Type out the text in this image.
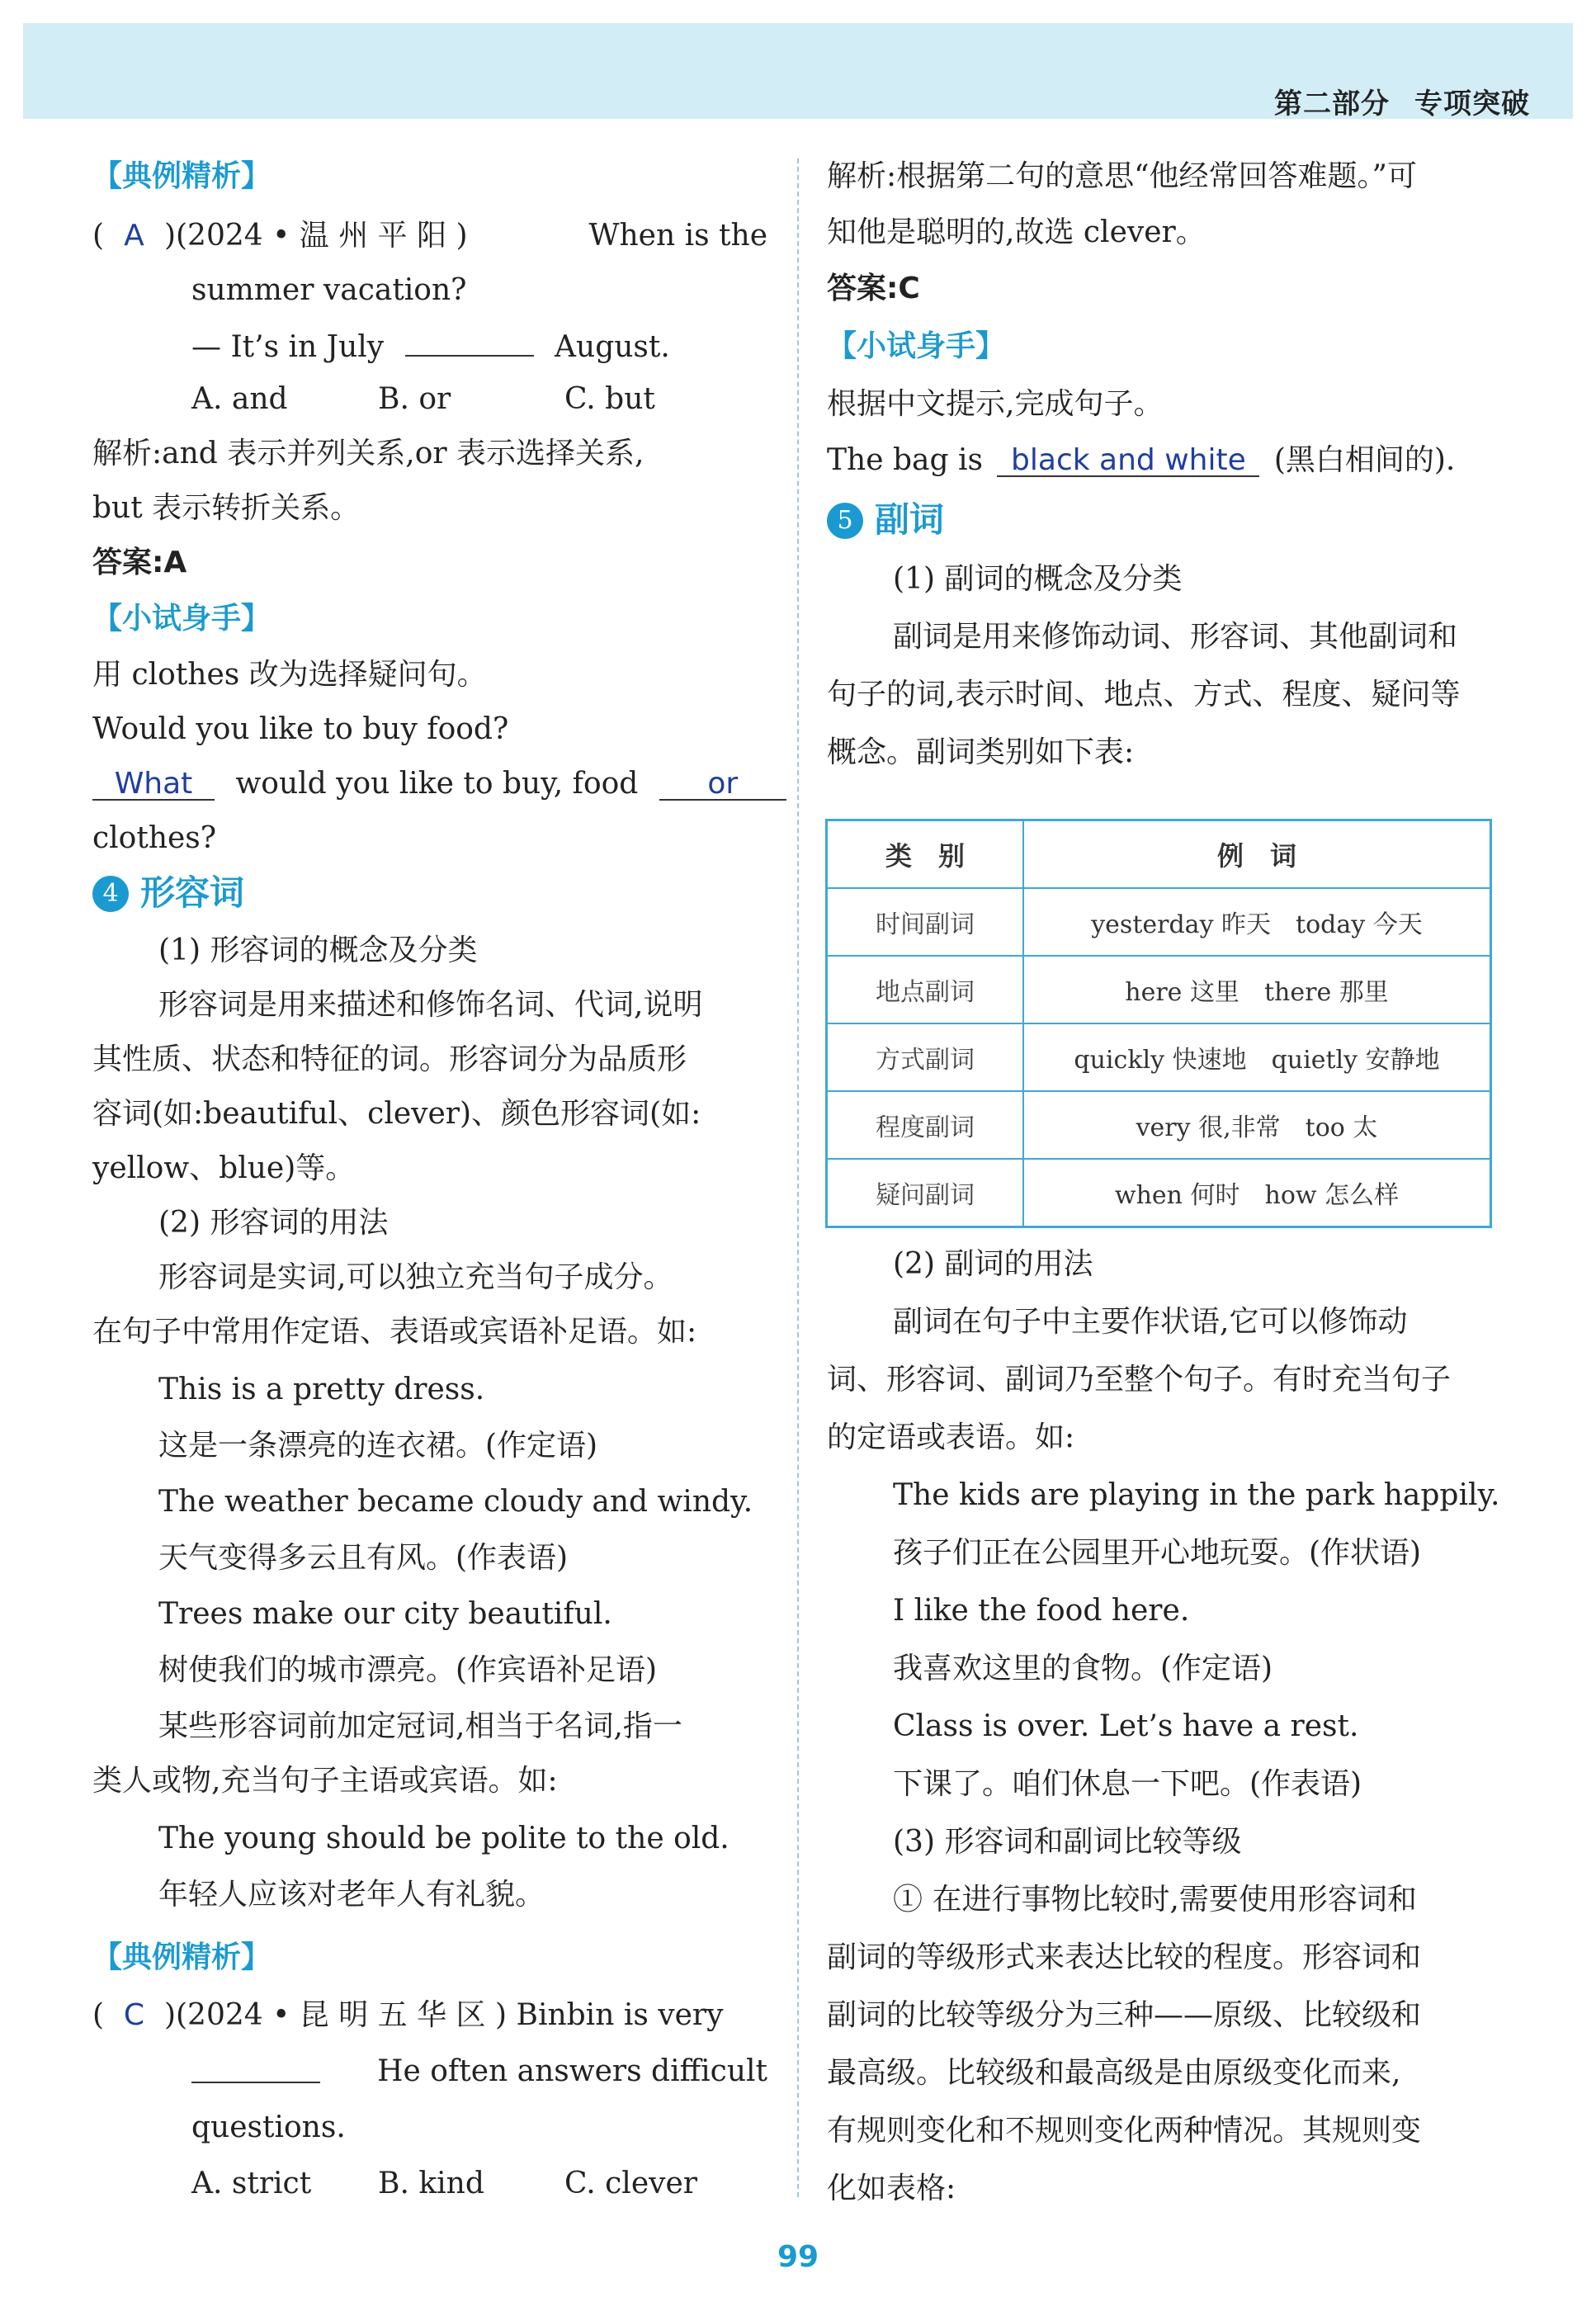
第二部分 专项突破
【典例精析】
( A )(2024 • 温 州 平 阳 )	When is the
summer vacation?
— It’s in July	August.
A. and	B. or	C. but
解析:and 表示并列关系,or 表示选择关系,
but 表示转折关系。
答案:A
【小试身手】
用 clothes 改为选择疑问句。
Would you like to buy food?
What would you like to buy, food or
clothes?
4 形容词
(1) 形容词的概念及分类
形容词是用来描述和修饰名词、代词,说明
其性质、状态和特征的词。形容词分为品质形
容词(如:beautiful、clever)、颜色形容词(如:
yellow、blue)等。
(2) 形容词的用法
形容词是实词,可以独立充当句子成分。
在句子中常用作定语、表语或宾语补足语。如:
This is a pretty dress.
这是一条漂亮的连衣裙。(作定语)
The weather became cloudy and windy.
天气变得多云且有风。(作表语)
Trees make our city beautiful.
树使我们的城市漂亮。(作宾语补足语)
某些形容词前加定冠词,相当于名词,指一
类人或物,充当句子主语或宾语。如:
The young should be polite to the old.
年轻人应该对老年人有礼貌。
【典例精析】
( C )(2024 • 昆 明 五 华 区 ) Binbin is very
He often answers difficult
questions.
A. strict B. kind	C. clever
解析:根据第二句的意思“他经常回答难题。”可
知他是聪明的,故选 clever。
答案:C
【小试身手】
根据中文提示,完成句子。
The bag is black and white (黑白相间的).
5 副词
(1) 副词的概念及分类
副词是用来修饰动词、形容词、其他副词和
句子的词,表示时间、地点、方式、程度、疑问等
概念。副词类别如下表:
类　别	例　词
时间副词	yesterday 昨天　today 今天
地点副词	here 这里　there 那里
方式副词	quickly 快速地　quietly 安静地
程度副词	very 很,非常　too 太
疑问副词	when 何时　how 怎么样
(2) 副词的用法
副词在句子中主要作状语,它可以修饰动
词、形容词、副词乃至整个句子。有时充当句子
的定语或表语。如:
The kids are playing in the park happily.
孩子们正在公园里开心地玩耍。(作状语)
I like the food here.
我喜欢这里的食物。(作定语)
Class is over. Let’s have a rest.
下课了。咱们休息一下吧。(作表语)
(3) 形容词和副词比较等级
① 在进行事物比较时,需要使用形容词和
副词的等级形式来表达比较的程度。形容词和
副词的比较等级分为三种——原级、比较级和
最高级。比较级和最高级是由原级变化而来,
有规则变化和不规则变化两种情况。其规则变
化如表格:
99
